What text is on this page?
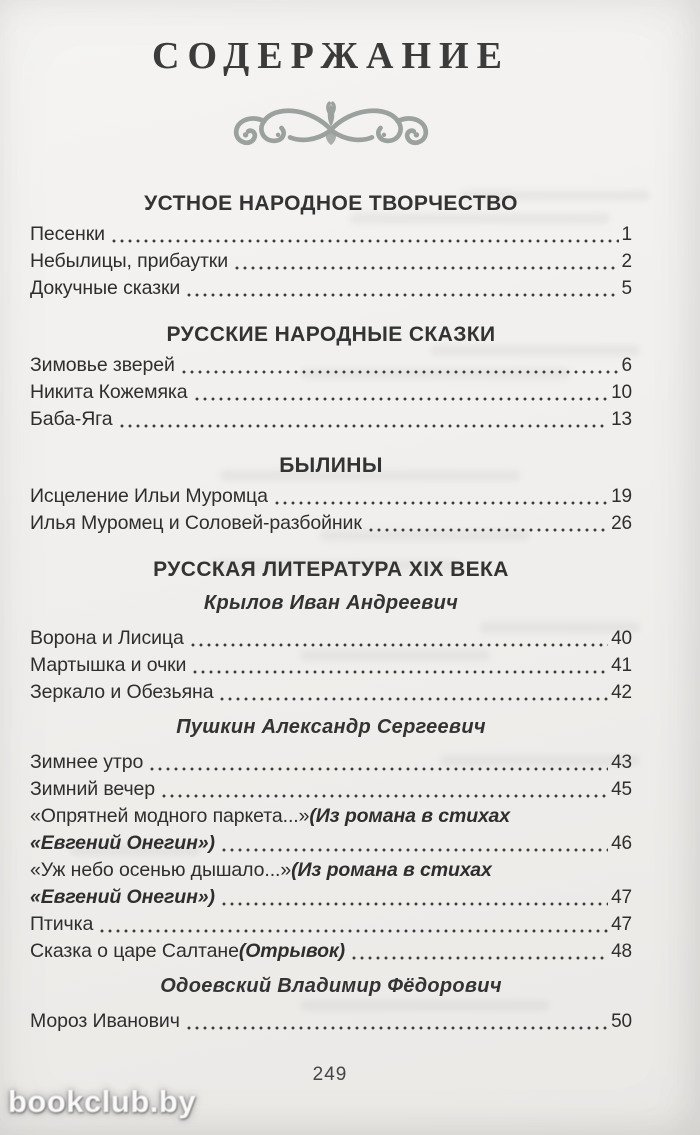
СОДЕРЖАНИЕ
УСТНОЕ НАРОДНОЕ ТВОРЧЕСТВО
Песенки	1
Небылицы, прибаутки	2
Докучные сказки	5
РУССКИЕ НАРОДНЫЕ СКАЗКИ
Зимовье зверей	6
Никита Кожемяка	10
Баба-Яга	13
БЫЛИНЫ
Исцеление Ильи Муромца	19
Илья Муромец и Соловей-разбойник	26
РУССКАЯ ЛИТЕРАТУРА XIX ВЕКА
Крылов Иван Андреевич
Ворона и Лисица	40
Мартышка и очки	41
Зеркало и Обезьяна	42
Пушкин Александр Сергеевич
Зимнее утро	43
Зимний вечер	45
«Опрятней модного паркета...» (Из романа в стихах
«Евгений Онегин»)	46
«Уж небо осенью дышало...» (Из романа в стихах
«Евгений Онегин»)	47
Птичка	47
Сказка о царе Салтане (Отрывок)	48
Одоевский Владимир Фёдорович
Мороз Иванович	50
249
bookclub.by
